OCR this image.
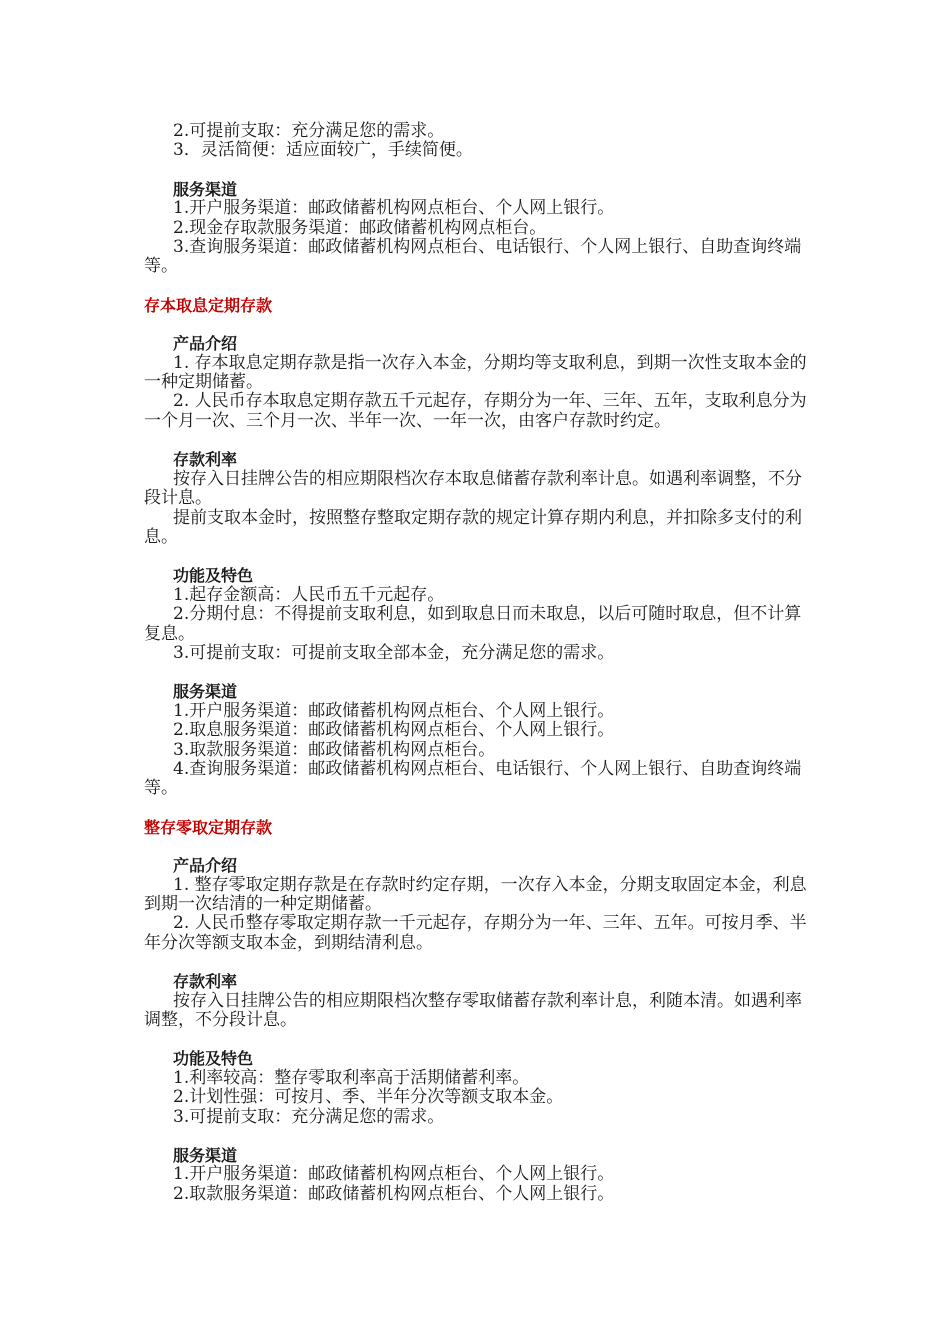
2.可提前支取：充分满足您的需求。
3．灵活简便：适应面较广，手续简便。
服务渠道
1.开户服务渠道：邮政储蓄机构网点柜台、个人网上银行。
2.现金存取款服务渠道：邮政储蓄机构网点柜台。
3.查询服务渠道：邮政储蓄机构网点柜台、电话银行、个人网上银行、自助查询终端等。
存本取息定期存款
产品介绍
1. 存本取息定期存款是指一次存入本金，分期均等支取利息，到期一次性支取本金的一种定期储蓄。
2. 人民币存本取息定期存款五千元起存，存期分为一年、三年、五年，支取利息分为一个月一次、三个月一次、半年一次、一年一次，由客户存款时约定。
存款利率
按存入日挂牌公告的相应期限档次存本取息储蓄存款利率计息。如遇利率调整，不分段计息。
提前支取本金时，按照整存整取定期存款的规定计算存期内利息，并扣除多支付的利息。
功能及特色
1.起存金额高：人民币五千元起存。
2.分期付息：不得提前支取利息，如到取息日而未取息，以后可随时取息，但不计算复息。
3.可提前支取：可提前支取全部本金，充分满足您的需求。
服务渠道
1.开户服务渠道：邮政储蓄机构网点柜台、个人网上银行。
2.取息服务渠道：邮政储蓄机构网点柜台、个人网上银行。
3.取款服务渠道：邮政储蓄机构网点柜台。
4.查询服务渠道：邮政储蓄机构网点柜台、电话银行、个人网上银行、自助查询终端等。
整存零取定期存款
产品介绍
1. 整存零取定期存款是在存款时约定存期，一次存入本金，分期支取固定本金，利息到期一次结清的一种定期储蓄。
2. 人民币整存零取定期存款一千元起存，存期分为一年、三年、五年。可按月季、半年分次等额支取本金，到期结清利息。
存款利率
按存入日挂牌公告的相应期限档次整存零取储蓄存款利率计息，利随本清。如遇利率调整，不分段计息。
功能及特色
1.利率较高：整存零取利率高于活期储蓄利率。
2.计划性强：可按月、季、半年分次等额支取本金。
3.可提前支取：充分满足您的需求。
服务渠道
1.开户服务渠道：邮政储蓄机构网点柜台、个人网上银行。
2.取款服务渠道：邮政储蓄机构网点柜台、个人网上银行。
